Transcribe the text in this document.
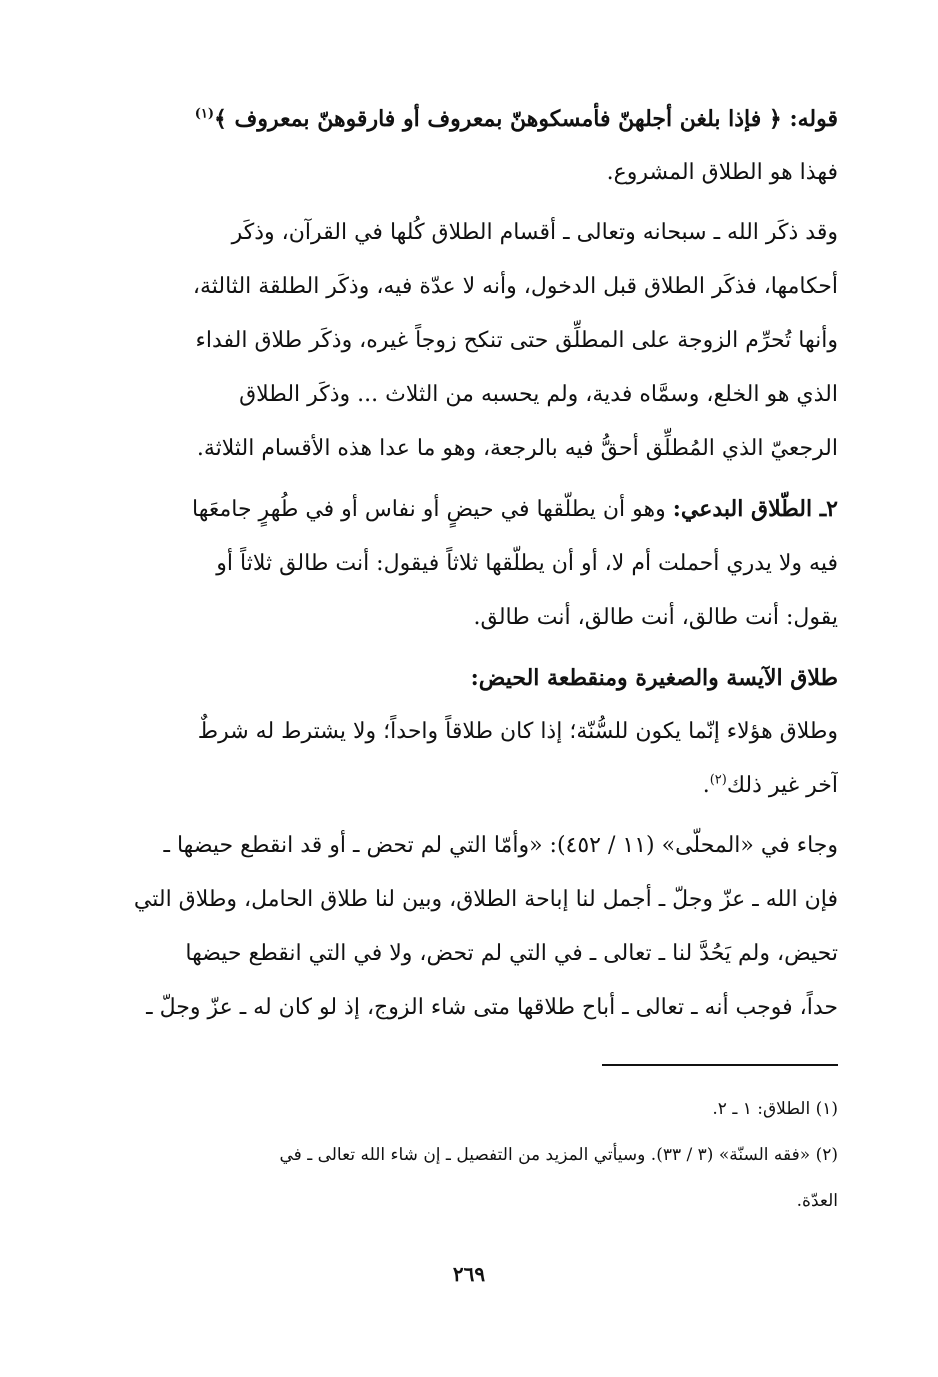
قوله: ﴿ فإذا بلغن أجلهنّ فأمسكوهنّ بمعروف أو فارقوهنّ بمعروف ﴾$^{(١)}$
فهذا هو الطلاق المشروع.
وقد ذكَر الله ـ سبحانه وتعالى ـ أقسام الطلاق كُلها في القرآن، وذكَر
أحكامها، فذكَر الطلاق قبل الدخول، وأنه لا عدّة فيه، وذكَر الطلقة الثالثة،
وأنها تُحرِّم الزوجة على المطلِّق حتى تنكح زوجاً غيره، وذكَر طلاق الفداء
الذي هو الخلع، وسمَّاه فدية، ولم يحسبه من الثلاث ... وذكَر الطلاق
الرجعيّ الذي المُطلِّق أحقُّ فيه بالرجعة، وهو ما عدا هذه الأقسام الثلاثة.
٢ـ الطّلاق البدعي: وهو أن يطلّقها في حيضٍ أو نفاس أو في طُهرٍ جامعَها
فيه ولا يدري أحملت أم لا، أو أن يطلّقها ثلاثاً فيقول: أنت طالق ثلاثاً أو
يقول: أنت طالق، أنت طالق، أنت طالق.
طلاق الآيسة والصغيرة ومنقطعة الحيض:
وطلاق هؤلاء إنّما يكون للسُّنّة؛ إذا كان طلاقاً واحداً؛ ولا يشترط له شرطٌ
آخر غير ذلك$^{(٢)}$.
وجاء في «المحلّى» (١١ / ٤٥٢): «وأمّا التي لم تحض ـ أو قد انقطع حيضها ـ
فإن الله ـ عزّ وجلّ ـ أجمل لنا إباحة الطلاق، وبين لنا طلاق الحامل، وطلاق التي
تحيض، ولم يَحُدَّ لنا ـ تعالى ـ في التي لم تحض، ولا في التي انقطع حيضها
حداً، فوجب أنه ـ تعالى ـ أباح طلاقها متى شاء الزوج، إذ لو كان له ـ عزّ وجلّ ـ
(١) الطلاق: ١ ـ ٢.
(٢) «فقه السنّة» (٣ / ٣٣). وسيأتي المزيد من التفصيل ـ إن شاء الله تعالى ـ في
العدّة.
٢٦٩
